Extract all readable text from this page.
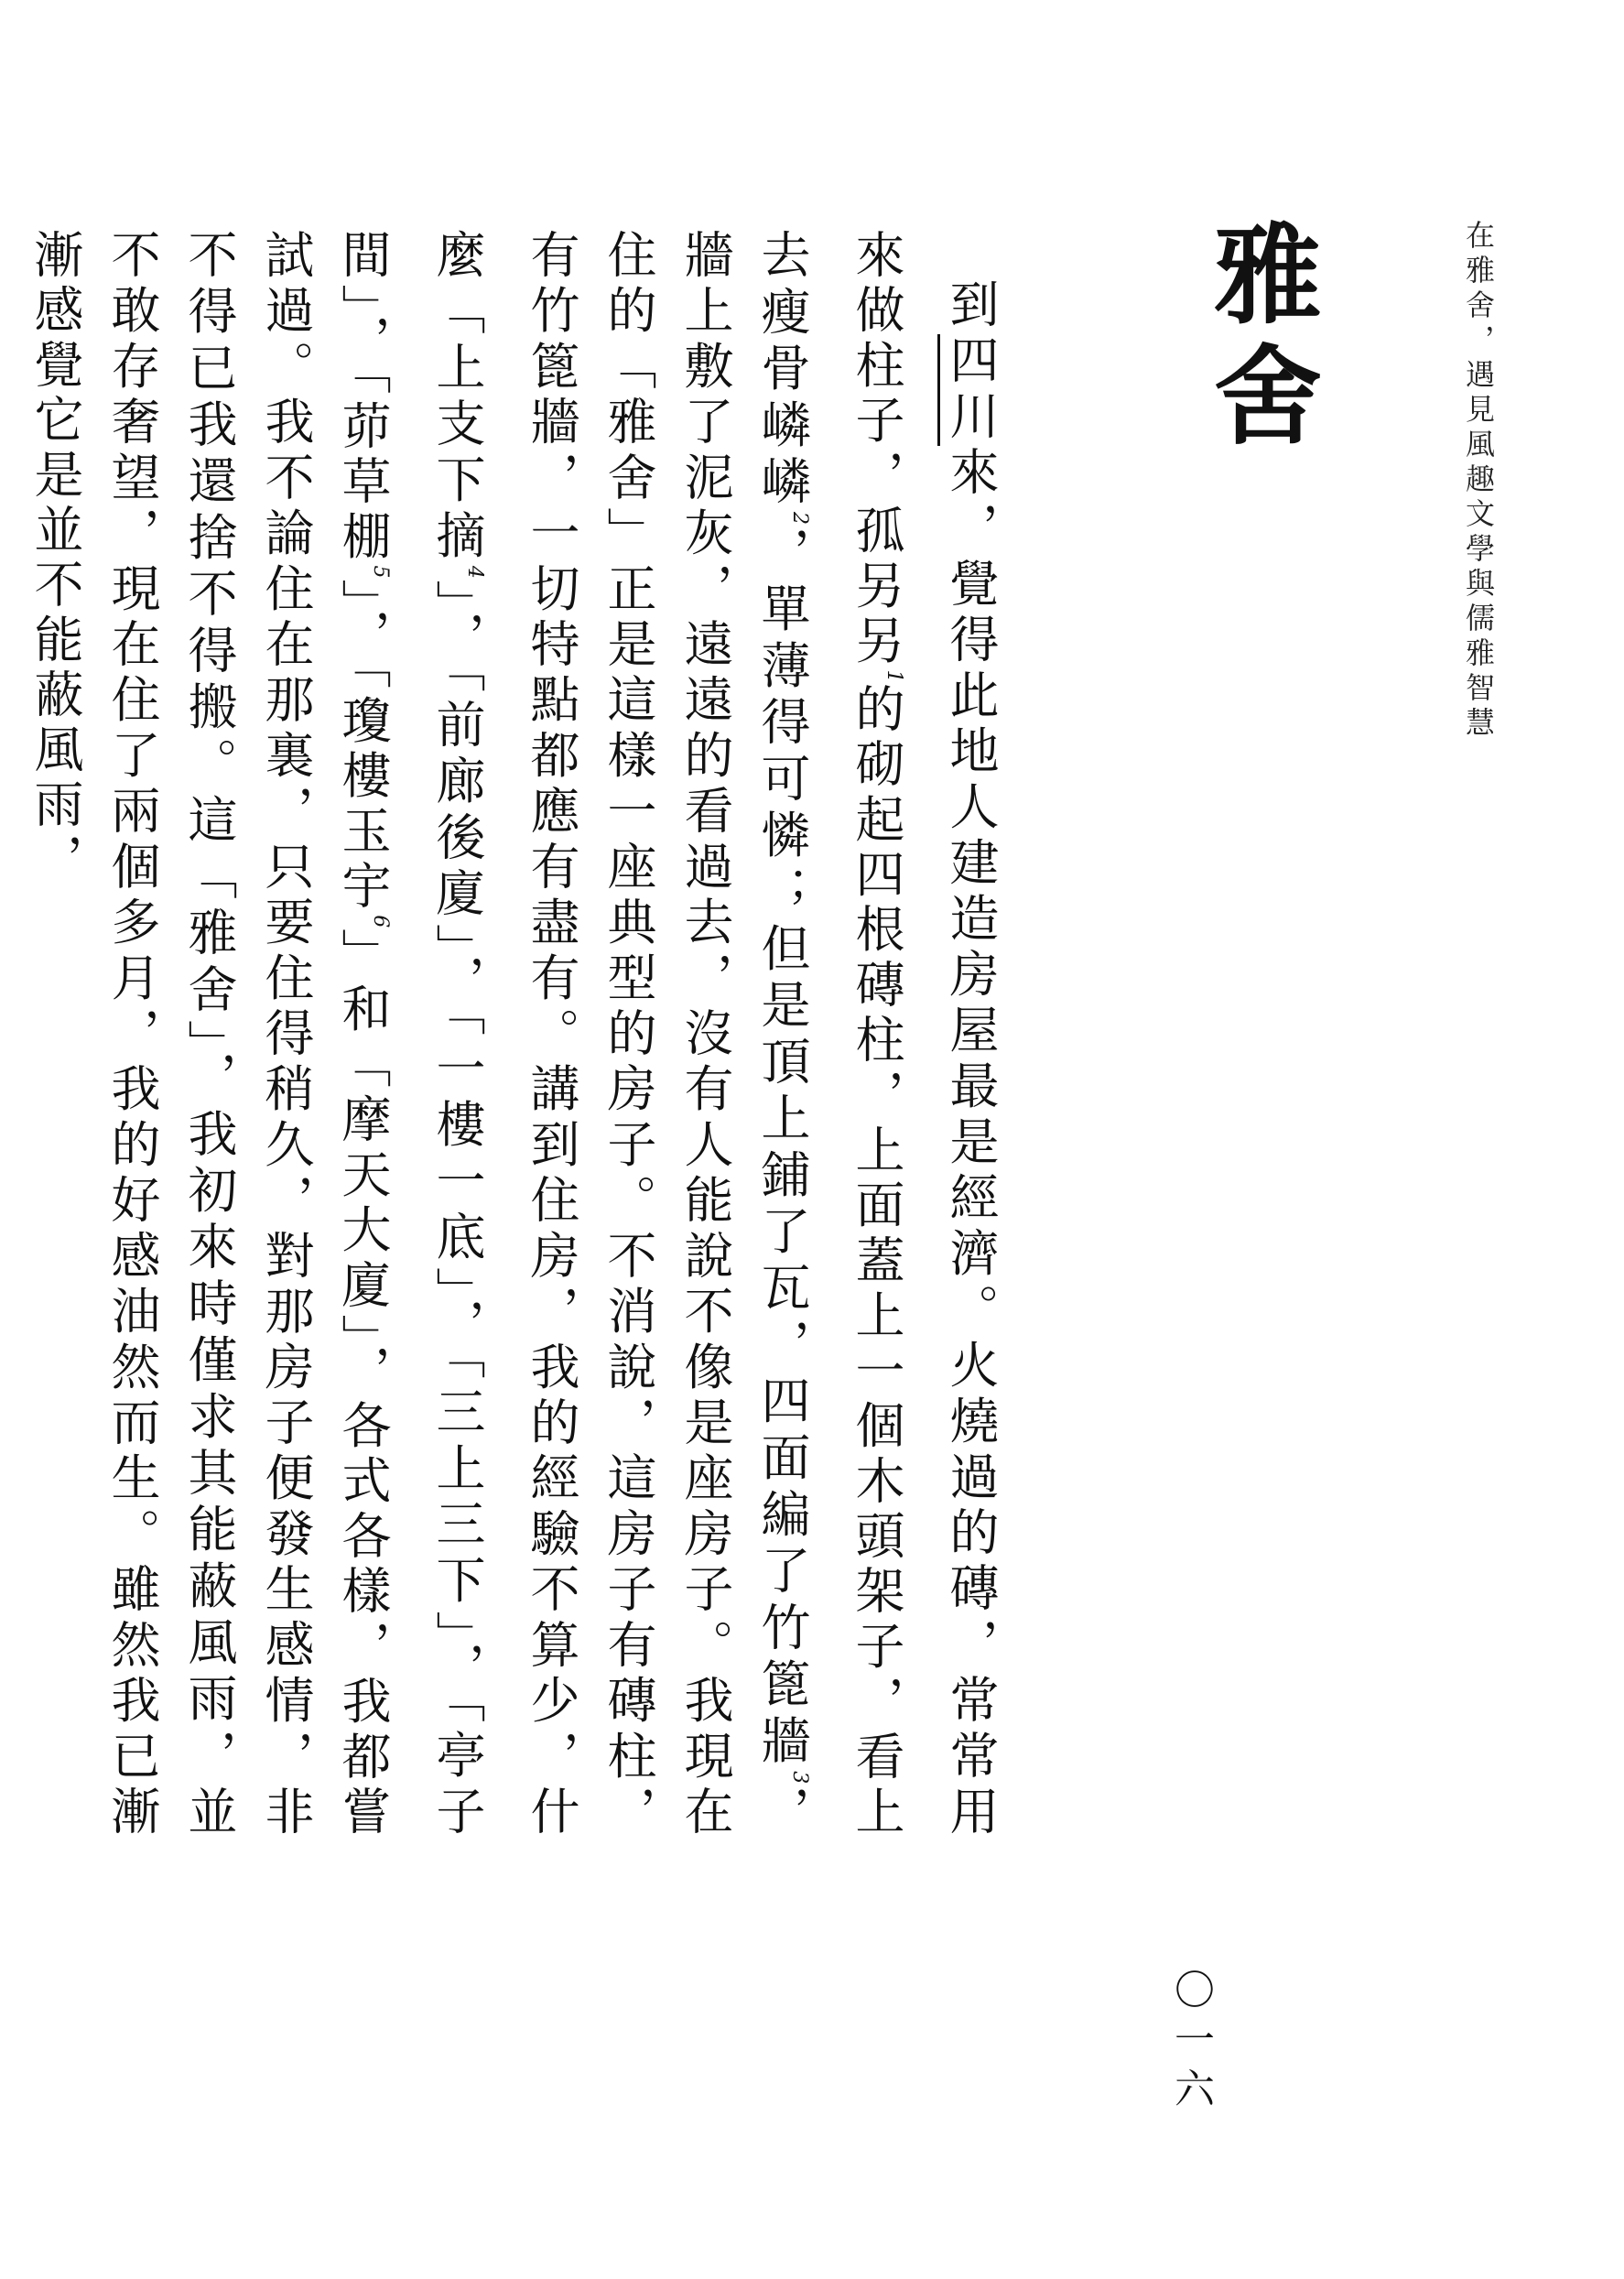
在雅舍，遇見風趣文學與儒雅智慧
雅舍

到四川來，覺得此地人建造房屋最是經濟。火燒過的磚，常常用來做柱子，孤另另$^1$的砌起四根磚柱，上面蓋上一個木頭架子，看上去瘦骨嶙嶙$^2$，單薄得可憐；但是頂上鋪了瓦，四面編了竹篦牆$^3$，牆上敷了泥灰，遠遠的看過去，沒有人能說不像是座房子。我現在住的「雅舍」正是這樣一座典型的房子。不消說，這房子有磚柱，有竹篦牆，一切特點都應有盡有。講到住房，我的經驗不算少，什麼「上支下摘$^4$」，「前廊後廈」，「一樓一底」，「三上三下」，「亭子間」，「茆草棚$^5$」，「瓊樓玉宇$^6$」和「摩天大廈」，各式各樣，我都嘗試過。我不論住在那裏，只要住得稍久，對那房子便發生感情，非不得已我還捨不得搬。這「雅舍」，我初來時僅求其能蔽風雨，並不敢存奢望，現在住了兩個多月，我的好感油然而生。雖然我已漸漸感覺它是並不能蔽風雨，

〇一六
